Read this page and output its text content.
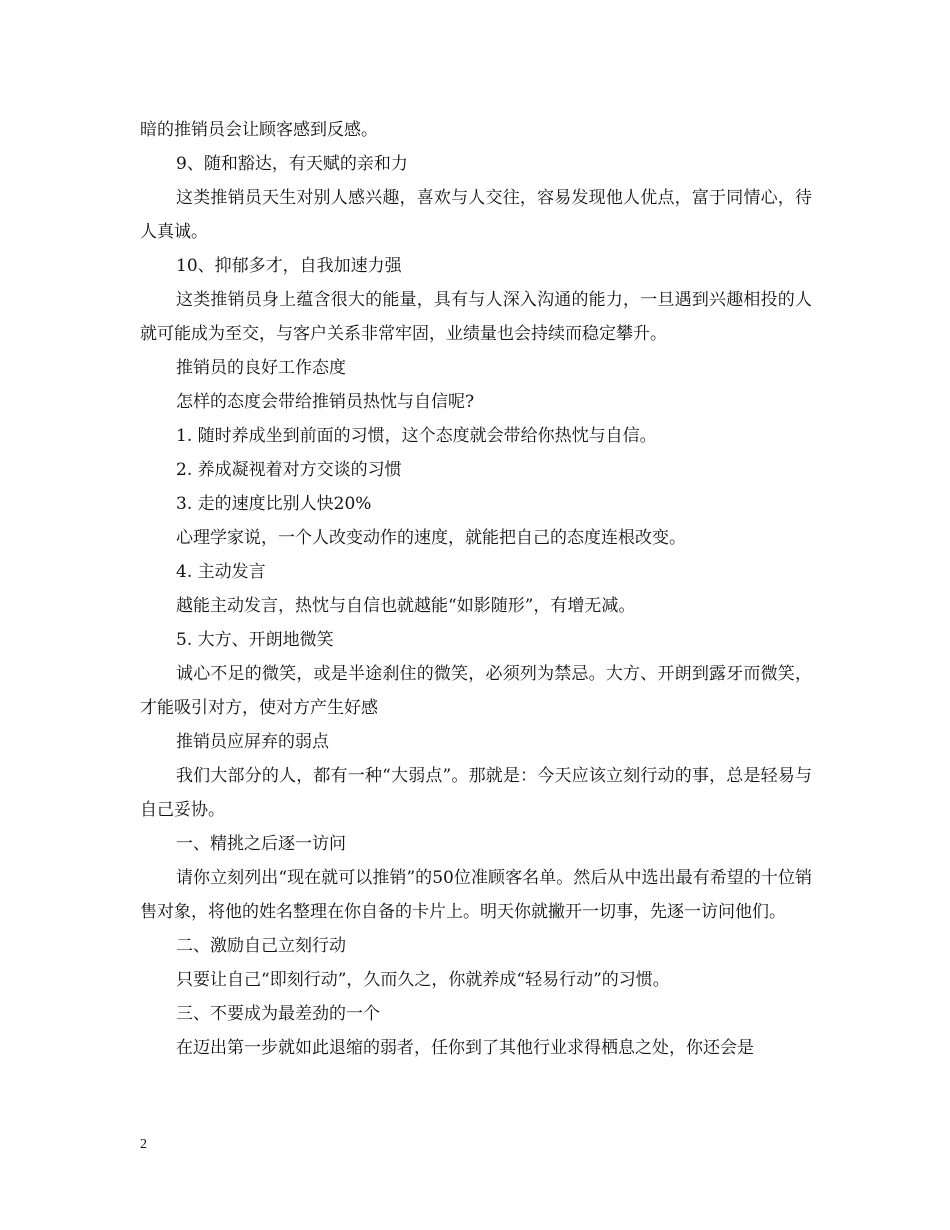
暗的推销员会让顾客感到反感。

9、随和豁达，有天赋的亲和力

这类推销员天生对别人感兴趣，喜欢与人交往，容易发现他人优点，富于同情心，待人真诚。

10、抑郁多才，自我加速力强

这类推销员身上蕴含很大的能量，具有与人深入沟通的能力，一旦遇到兴趣相投的人就可能成为至交，与客户关系非常牢固，业绩量也会持续而稳定攀升。

推销员的良好工作态度

怎样的态度会带给推销员热忱与自信呢?

1. 随时养成坐到前面的习惯，这个态度就会带给你热忱与自信。

2. 养成凝视着对方交谈的习惯

3. 走的速度比别人快20%

心理学家说，一个人改变动作的速度，就能把自己的态度连根改变。

4. 主动发言

越能主动发言，热忱与自信也就越能“如影随形”，有增无减。

5. 大方、开朗地微笑

诚心不足的微笑，或是半途刹住的微笑，必须列为禁忌。大方、开朗到露牙而微笑，才能吸引对方，使对方产生好感

推销员应屏弃的弱点

我们大部分的人，都有一种“大弱点”。那就是：今天应该立刻行动的事，总是轻易与自己妥协。

一、精挑之后逐一访问

请你立刻列出“现在就可以推销”的50位准顾客名单。然后从中选出最有希望的十位销售对象，将他的姓名整理在你自备的卡片上。明天你就撇开一切事，先逐一访问他们。

二、激励自己立刻行动

只要让自己“即刻行动”，久而久之，你就养成“轻易行动”的习惯。

三、不要成为最差劲的一个

在迈出第一步就如此退缩的弱者，任你到了其他行业求得栖息之处，你还会是

2
